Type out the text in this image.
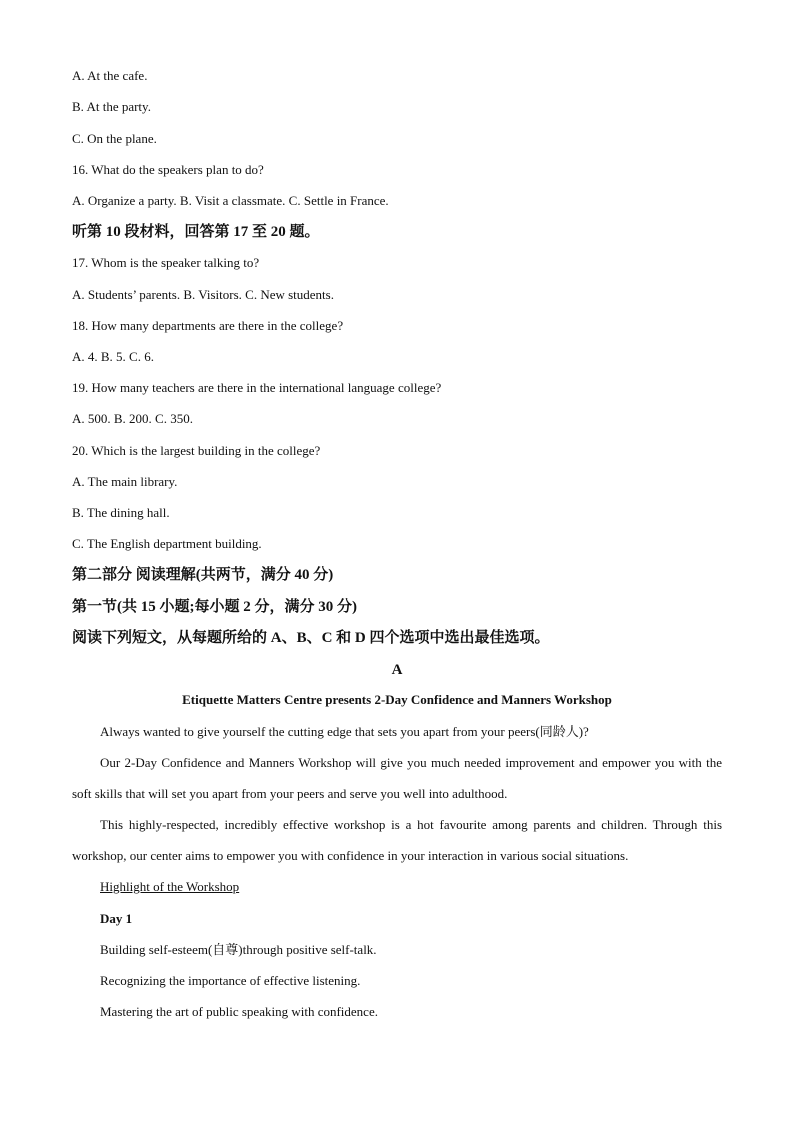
A. At the cafe.
B. At the party.
C. On the plane.
16. What do the speakers plan to do?
A. Organize a party. B. Visit a classmate. C. Settle in France.
听第 10 段材料，回答第 17 至 20 题。
17. Whom is the speaker talking to?
A. Students’ parents. B. Visitors. C. New students.
18. How many departments are there in the college?
A. 4. B. 5. C. 6.
19. How many teachers are there in the international language college?
A. 500. B. 200. C. 350.
20. Which is the largest building in the college?
A. The main library.
B. The dining hall.
C. The English department building.
第二部分 阅读理解(共两节，满分 40 分)
第一节(共 15 小题;每小题 2 分，满分 30 分)
阅读下列短文，从每题所给的 A、B、C 和 D 四个选项中选出最佳选项。
A
Etiquette Matters Centre presents 2-Day Confidence and Manners Workshop
Always wanted to give yourself the cutting edge that sets you apart from your peers(同龄人)?
Our 2-Day Confidence and Manners Workshop will give you much needed improvement and empower you with the soft skills that will set you apart from your peers and serve you well into adulthood.
This highly-respected, incredibly effective workshop is a hot favourite among parents and children. Through this workshop, our center aims to empower you with confidence in your interaction in various social situations.
Highlight of the Workshop
Day 1
Building self-esteem(自尊)through positive self-talk.
Recognizing the importance of effective listening.
Mastering the art of public speaking with confidence.
